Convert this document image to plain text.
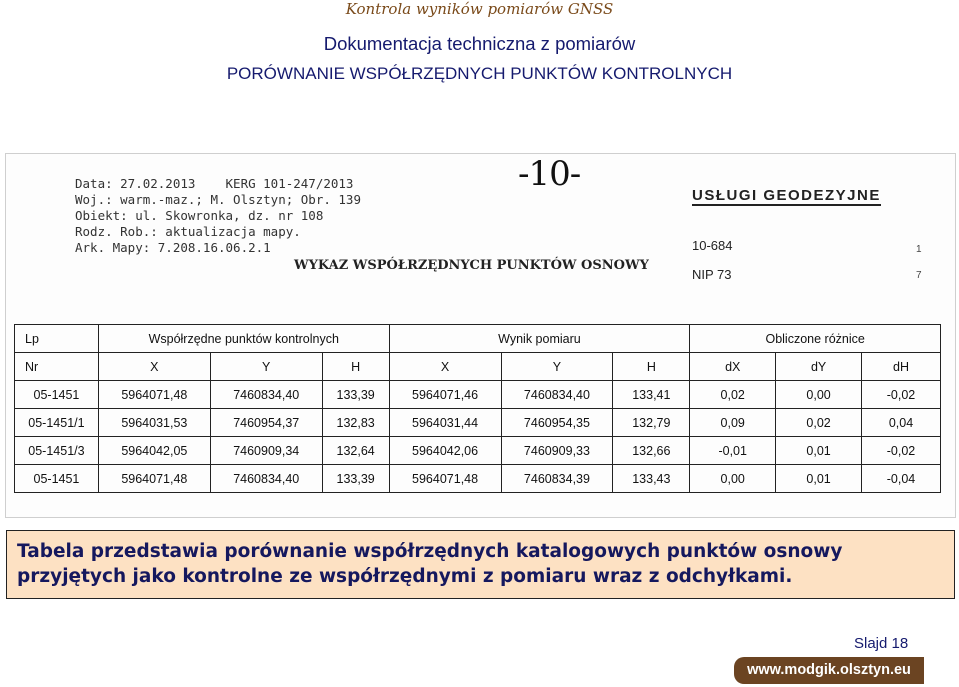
Kontrola wyników pomiarów GNSS
Dokumentacja techniczna z pomiarów
PORÓWNANIE WSPÓŁRZĘDNYCH PUNKTÓW KONTROLNYCH
Data: 27.02.2013    KERG 101-247/2013
Woj.: warm.-maz.; M. Olsztyn; Obr. 139
Obiekt: ul. Skowronka, dz. nr 108
Rodz. Rob.: aktualizacja mapy.
Ark. Mapy: 7.208.16.06.2.1
-10-
WYKAZ WSPÓŁRZĘDNYCH PUNKTÓW OSNOWY
USŁUGI GEODEZYJNE
10-684
NIP 73
1
7
Lp	Współrzędne punktów kontrolnych			Wynik pomiaru			Obliczone różnice		
Nr	X	Y	H	X	Y	H	dX	dY	dH
05-1451	5964071,48	7460834,40	133,39	5964071,46	7460834,40	133,41	0,02	0,00	-0,02
05-1451/1	5964031,53	7460954,37	132,83	5964031,44	7460954,35	132,79	0,09	0,02	0,04
05-1451/3	5964042,05	7460909,34	132,64	5964042,06	7460909,33	132,66	-0,01	0,01	-0,02
05-1451	5964071,48	7460834,40	133,39	5964071,48	7460834,39	133,43	0,00	0,01	-0,04
Tabela przedstawia porównanie współrzędnych katalogowych punktów osnowy przyjętych jako kontrolne ze współrzędnymi z pomiaru wraz z odchyłkami.
Slajd 18
www.modgik.olsztyn.eu
